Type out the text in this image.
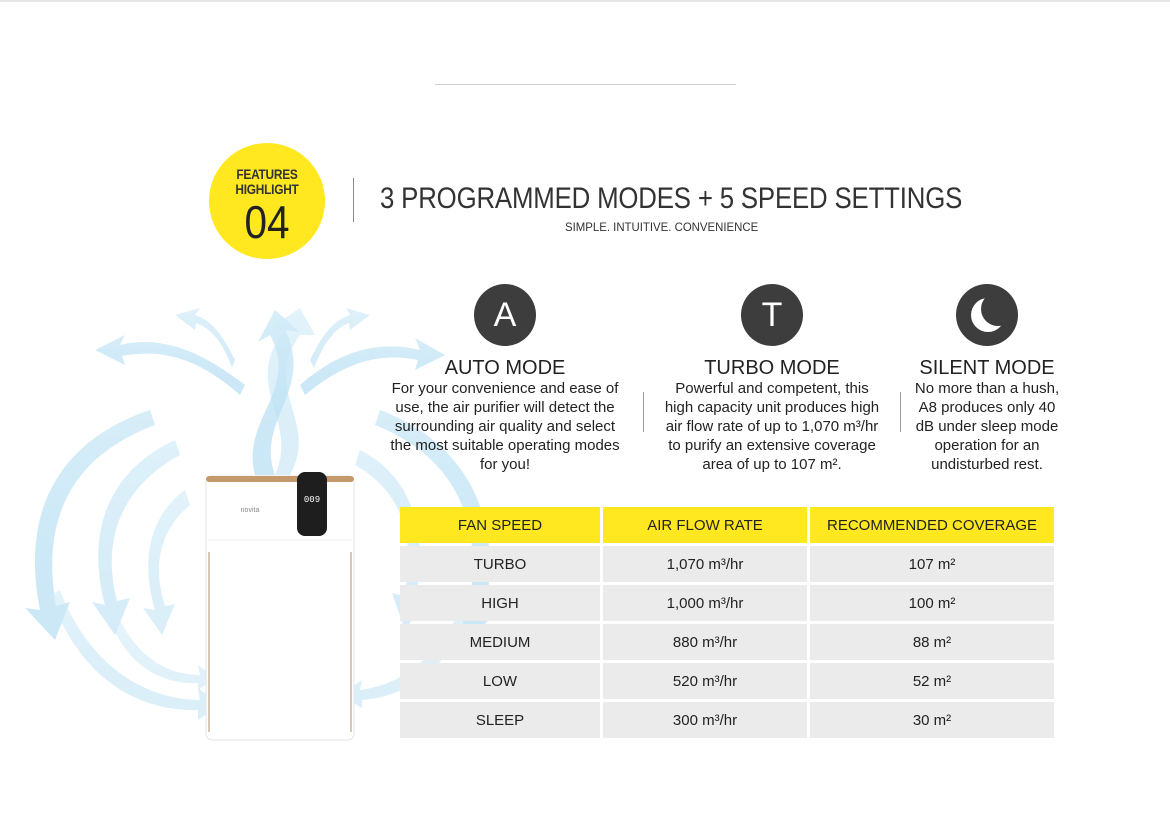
FEATURES
HIGHLIGHT
04	3 PROGRAMMED MODES + 5 SPEED SETTINGS
SIMPLE. INTUITIVE. CONVENIENCE
009
novita
A
AUTO MODE
For your convenience and ease of use, the air purifier will detect the surrounding air quality and select the most suitable operating modes for you!
T
TURBO MODE
Powerful and competent, this high capacity unit produces high air flow rate of up to 1,070 m³/hr to purify an extensive coverage area of up to 107 m².
SILENT MODE
No more than a hush, A8 produces only 40 dB under sleep mode operation for an undisturbed rest.
FAN SPEED	AIR FLOW RATE	RECOMMENDED COVERAGE
TURBO	1,070 m³/hr	107 m²
HIGH	1,000 m³/hr	100 m²
MEDIUM	880 m³/hr	88 m²
LOW	520 m³/hr	52 m²
SLEEP	300 m³/hr	30 m²
